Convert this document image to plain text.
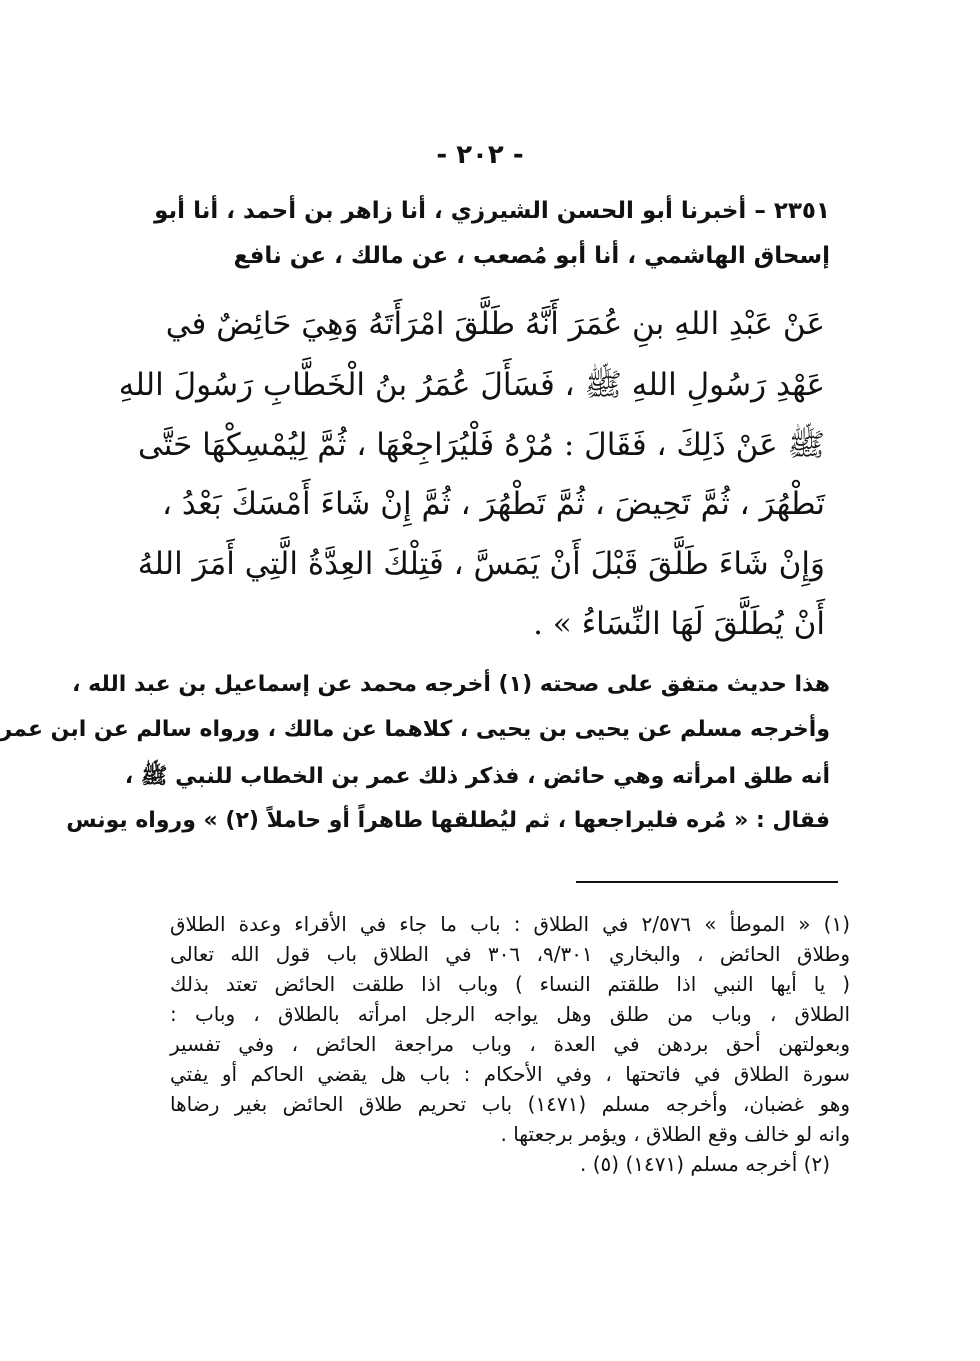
- ٢٠٢ -
٢٣٥١ – أخبرنا أبو الحسن الشيرزي ، أنا زاهر بن أحمد ، أنا أبو
إسحاق الهاشمي ، أنا أبو مُصعب ، عن مالك ، عن نافع
عَنْ عَبْدِ اللهِ بنِ عُمَرَ أَنَّهُ طَلَّقَ امْرَأَتَهُ وَهِيَ حَائِضٌ في
عَهْدِ رَسُولِ اللهِ ﷺ ، فَسَأَلَ عُمَرُ بنُ الْخَطَّابِ رَسُولَ اللهِ
ﷺ عَنْ ذَلِكَ ، فَقَالَ : مُرْهُ فَلْيُرَاجِعْهَا ، ثُمَّ لِيُمْسِكْهَا حَتَّى
تَطْهُرَ ، ثُمَّ تَحِيضَ ، ثُمَّ تَطْهُرَ ، ثُمَّ إِنْ شَاءَ أَمْسَكَ بَعْدُ ،
وَإِنْ شَاءَ طَلَّقَ قَبْلَ أَنْ يَمَسَّ ، فَتِلْكَ العِدَّةُ الَّتِي أَمَرَ اللهُ
أَنْ يُطَلَّقَ لَهَا النِّسَاءُ » .
هذا حديث متفق على صحته (١) أخرجه محمد عن إسماعيل بن عبد الله ،
وأخرجه مسلم عن يحيى بن يحيى ، كلاهما عن مالك ، ورواه سالم عن ابن عمر
أنه طلق امرأته وهي حائض ، فذكر ذلك عمر بن الخطاب للنبي ﷺ ،
فقال : « مُره فليراجعها ، ثم ليُطلقها طاهراً أو حاملاً (٢) » ورواه يونس
(١) « الموطأ » ٢/٥٧٦ في الطلاق : باب ما جاء في الأقراء وعدة الطلاق
وطلاق الحائض ، والبخاري ٩/٣٠١، ٣٠٦ في الطلاق باب قول الله تعالى
( يا أيها النبي اذا طلقتم النساء ) وباب اذا طلقت الحائض تعتد بذلك
الطلاق ، وباب من طلق وهل يواجه الرجل امرأته بالطلاق ، وباب :
وبعولتهن أحق بردهن في العدة ، وباب مراجعة الحائض ، وفي تفسير
سورة الطلاق في فاتحتها ، وفي الأحكام : باب هل يقضي الحاكم أو يفتي
وهو غضبان، وأخرجه مسلم (١٤٧١) باب تحريم طلاق الحائض بغير رضاها
وانه لو خالف وقع الطلاق ، ويؤمر برجعتها .
(٢) أخرجه مسلم (١٤٧١) (٥) .
